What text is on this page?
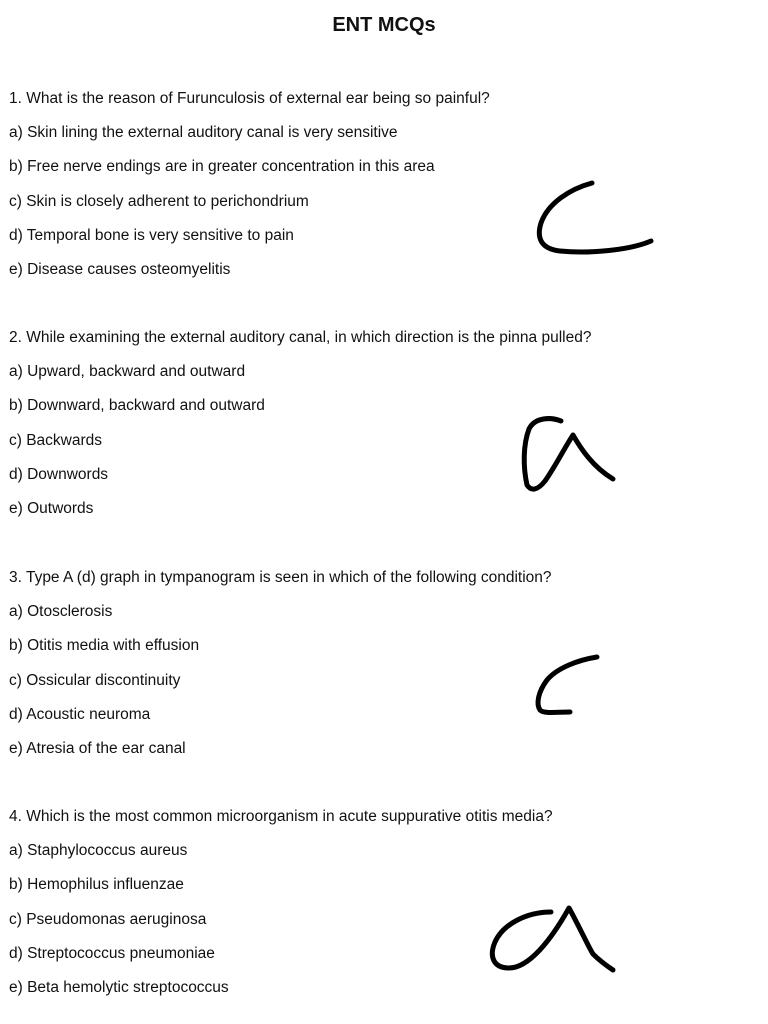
ENT MCQs
1. What is the reason of Furunculosis of external ear being so painful?
a) Skin lining the external auditory canal is very sensitive
b) Free nerve endings are in greater concentration in this area
c) Skin is closely adherent to perichondrium
d) Temporal bone is very sensitive to pain
e) Disease causes osteomyelitis
2. While examining the external auditory canal, in which direction is the pinna pulled?
a) Upward, backward and outward
b) Downward, backward and outward
c) Backwards
d) Downwords
e) Outwords
3. Type A (d) graph in tympanogram is seen in which of the following condition?
a) Otosclerosis
b) Otitis media with effusion
c) Ossicular discontinuity
d) Acoustic neuroma
e) Atresia of the ear canal
4. Which is the most common microorganism in acute suppurative otitis media?
a) Staphylococcus aureus
b) Hemophilus influenzae
c) Pseudomonas aeruginosa
d) Streptococcus pneumoniae
e) Beta hemolytic streptococcus
